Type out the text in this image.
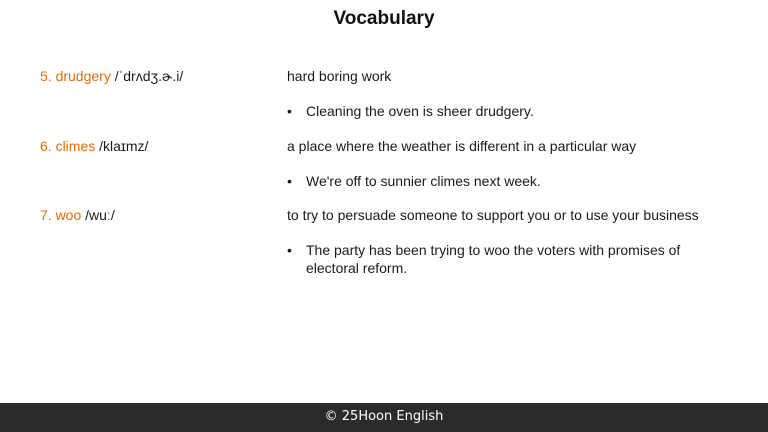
Vocabulary
5. drudgery /ˈdrʌdʒ.ɚ.i/	hard boring work
•	Cleaning the oven is sheer drudgery.
6. climes /klaɪmz/	a place where the weather is different in a particular way
•	We're off to sunnier climes next week.
7. woo /wuː/	to try to persuade someone to support you or to use your business
•	The party has been trying to woo the voters with promises of electoral reform.
© 25Hoon English
